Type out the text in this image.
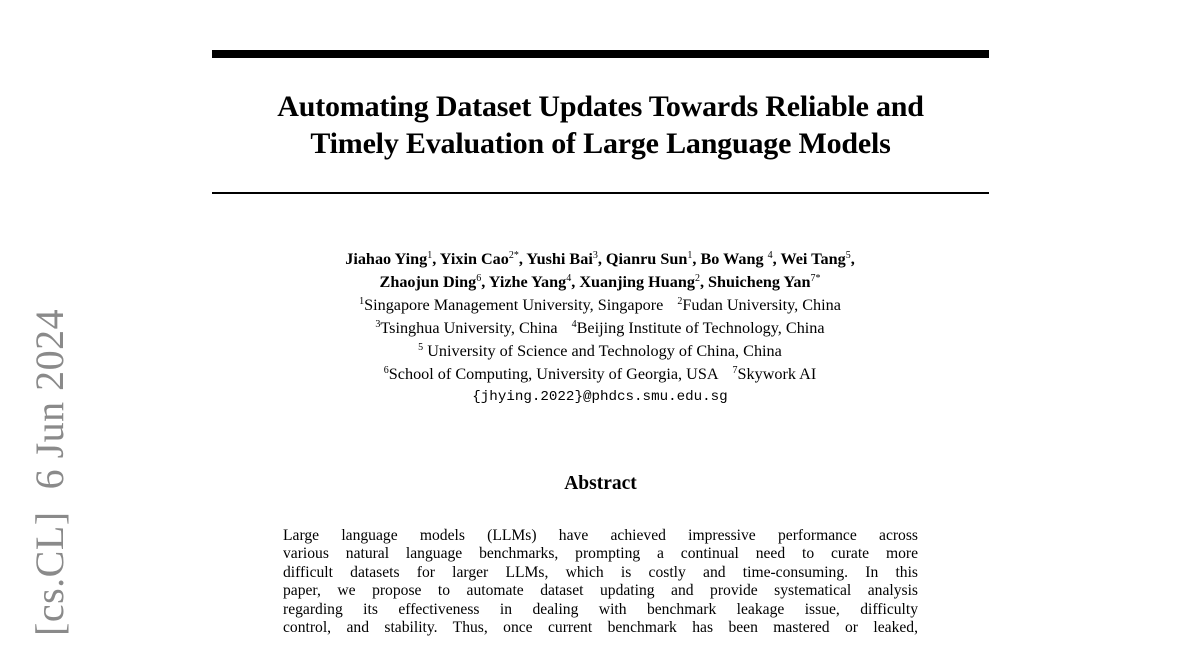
Automating Dataset Updates Towards Reliable and
Timely Evaluation of Large Language Models
Jiahao Ying$^1$, Yixin Cao$^{2*}$, Yushi Bai$^3$, Qianru Sun$^1$, Bo Wang $^4$, Wei Tang$^5$,
Zhaojun Ding$^6$, Yizhe Yang$^4$, Xuanjing Huang$^2$, Shuicheng Yan$^{7*}$
$^1$Singapore Management University, Singapore $^2$Fudan University, China
$^3$Tsinghua University, China $^4$Beijing Institute of Technology, China
$^5$ University of Science and Technology of China, China
$^6$School of Computing, University of Georgia, USA $^7$Skywork AI
{jhying.2022}@phdcs.smu.edu.sg
Abstract
Large language models (LLMs) have achieved impressive performance across
various natural language benchmarks, prompting a continual need to curate more
difficult datasets for larger LLMs, which is costly and time-consuming. In this
paper, we propose to automate dataset updating and provide systematical analysis
regarding its effectiveness in dealing with benchmark leakage issue, difficulty
control, and stability. Thus, once current benchmark has been mastered or leaked,
[cs.CL]6 Jun 2024
